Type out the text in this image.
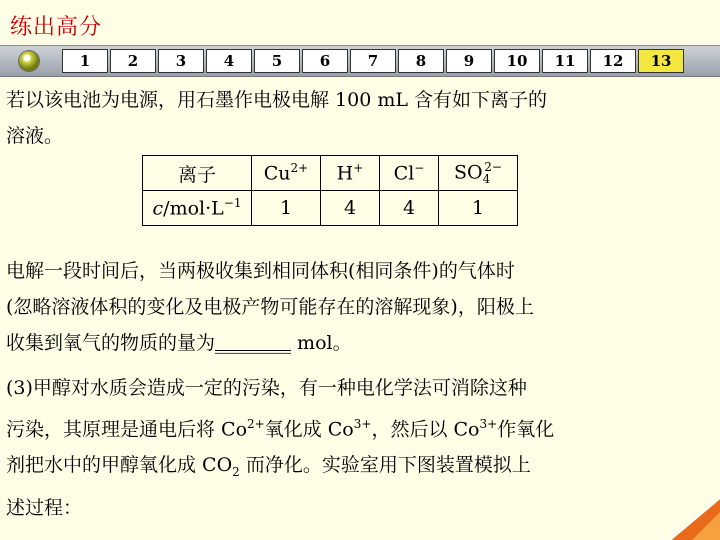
练出高分
1	2	3	4	5	6	7	8	9	10	11	12	13
若以该电池为电源，用石墨作电极电解 100 mL 含有如下离子的
溶液。
离子	$Cu^{2+}$	H+	Cl−	$SO_4^{2-}$
$c/mol\cdot L^{-1}$	1	4	4	1
电解一段时间后，当两极收集到相同体积(相同条件)的气体时
(忽略溶液体积的变化及电极产物可能存在的溶解现象)，阳极上
收集到氧气的物质的量为________ mol。
(3)甲醇对水质会造成一定的污染，有一种电化学法可消除这种
污染，其原理是通电后将 $Co^{2+}$氧化成 $Co^{3+}$，然后以 $Co^{3+}$作氧化
剂把水中的甲醇氧化成 $CO_2$ 而净化。实验室用下图装置模拟上
述过程：
